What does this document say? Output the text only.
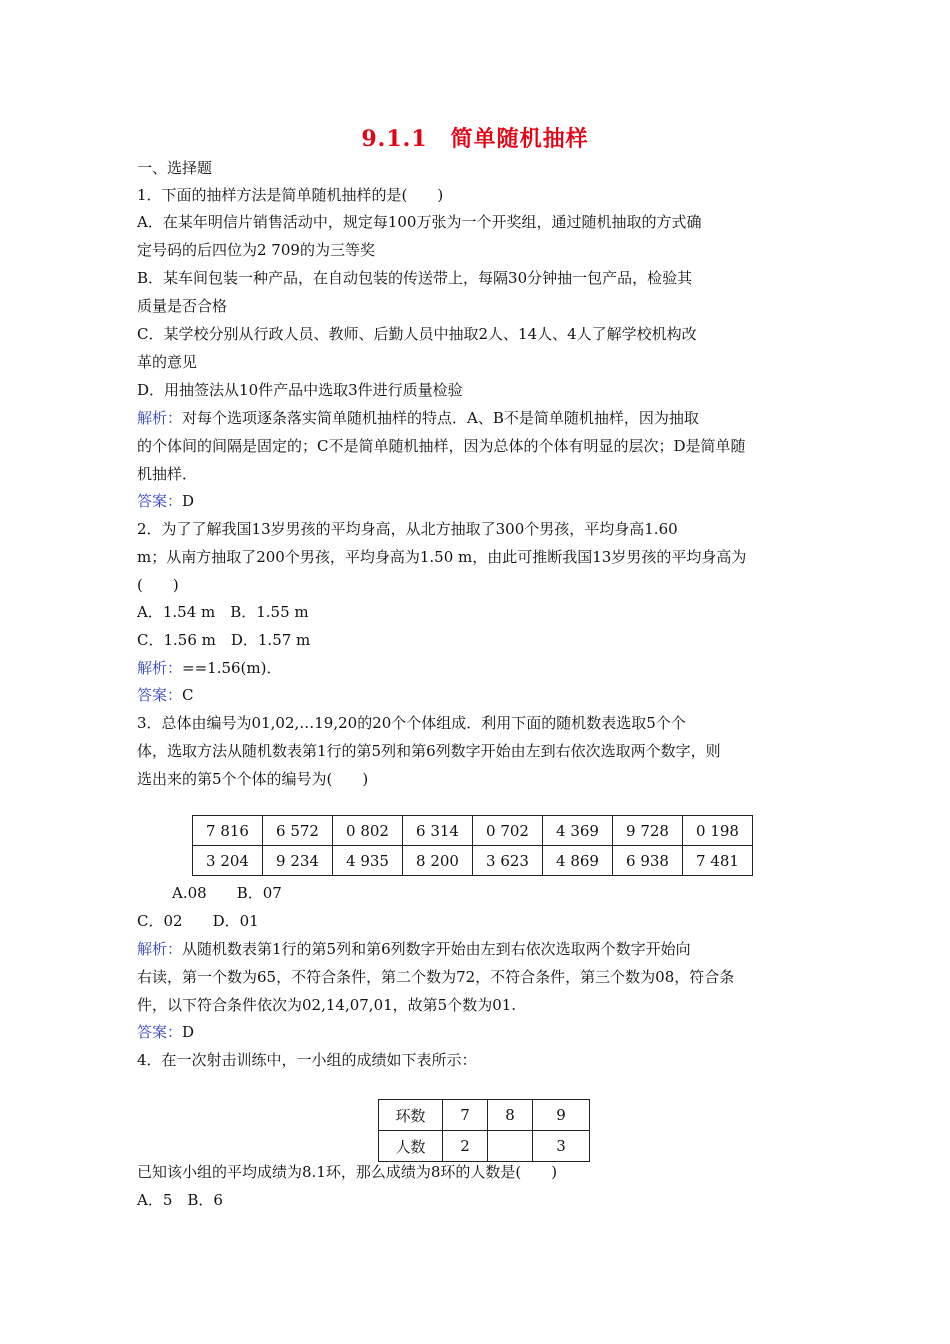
9.1.1　简单随机抽样
一、选择题
1．下面的抽样方法是简单随机抽样的是(　　)
A．在某年明信片销售活动中，规定每100万张为一个开奖组，通过随机抽取的方式确
定号码的后四位为2 709的为三等奖
B．某车间包装一种产品，在自动包装的传送带上，每隔30分钟抽一包产品，检验其
质量是否合格
C．某学校分别从行政人员、教师、后勤人员中抽取2人、14人、4人了解学校机构改
革的意见
D．用抽签法从10件产品中选取3件进行质量检验
解析：对每个选项逐条落实简单随机抽样的特点．A、B不是简单随机抽样，因为抽取
的个体间的间隔是固定的；C不是简单随机抽样，因为总体的个体有明显的层次；D是简单随
机抽样．
答案：D
2．为了了解我国13岁男孩的平均身高，从北方抽取了300个男孩，平均身高1.60
m；从南方抽取了200个男孩，平均身高为1.50 m，由此可推断我国13岁男孩的平均身高为
(　　)
A．1.54 m　B．1.55 m
C．1.56 m　D．1.57 m
解析：==1.56(m)．
答案：C
3．总体由编号为01,02,…19,20的20个个体组成．利用下面的随机数表选取5个个
体，选取方法从随机数表第1行的第5列和第6列数字开始由左到右依次选取两个数字，则
选出来的第5个个体的编号为(　　)
7 816	6 572	0 802	6 314	0 702	4 369	9 728	0 198
3 204	9 234	4 935	8 200	3 623	4 869	6 938	7 481
A.08　　B．07
C．02　　D．01
解析：从随机数表第1行的第5列和第6列数字开始由左到右依次选取两个数字开始向
右读，第一个数为65，不符合条件，第二个数为72，不符合条件，第三个数为08，符合条
件，以下符合条件依次为02,14,07,01，故第5个数为01.
答案：D
4．在一次射击训练中，一小组的成绩如下表所示：
环数	7	8	9
人数	2		3
已知该小组的平均成绩为8.1环，那么成绩为8环的人数是(　　)
A．5　B．6
